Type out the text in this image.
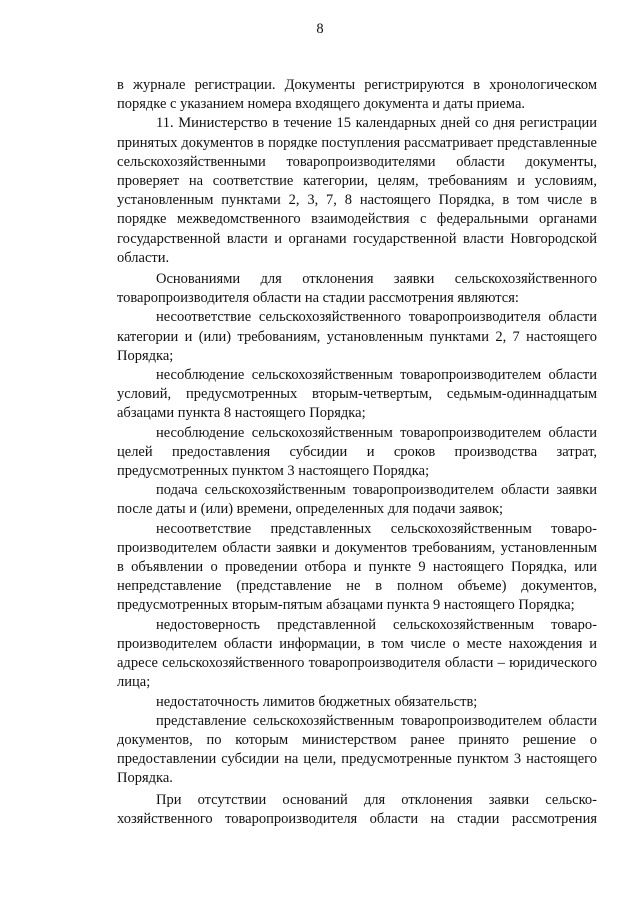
8

в журнале регистрации. Документы регистрируются в хронологическом порядке с указанием номера входящего документа и даты приема.

11. Министерство в течение 15 календарных дней со дня регистрации принятых документов в порядке поступления рассматривает представленные сельскохозяйственными товаропроизводителями области документы, проверяет на соответствие категории, целям, требованиям и условиям, установленным пунктами 2, 3, 7, 8 настоящего Порядка, в том числе в порядке межведомственного взаимодействия с федеральными органами государственной власти и органами государственной власти Новгородской области.

Основаниями для отклонения заявки сельскохозяйственного товаропроизводителя области на стадии рассмотрения являются:

несоответствие сельскохозяйственного товаропроизводителя области категории и (или) требованиям, установленным пунктами 2, 7 настоящего Порядка;

несоблюдение сельскохозяйственным товаропроизводителем области условий, предусмотренных вторым-четвертым, седьмым-одиннадцатым абзацами пункта 8 настоящего Порядка;

несоблюдение сельскохозяйственным товаропроизводителем области целей предоставления субсидии и сроков производства затрат, предусмотренных пунктом 3 настоящего Порядка;

подача сельскохозяйственным товаропроизводителем области заявки после даты и (или) времени, определенных для подачи заявок;

несоответствие представленных сельскохозяйственным товаро-производителем области заявки и документов требованиям, установленным в объявлении о проведении отбора и пункте 9 настоящего Порядка, или непредставление (представление не в полном объеме) документов, предусмотренных вторым-пятым абзацами пункта 9 настоящего Порядка;

недостоверность представленной сельскохозяйственным товаро-производителем области информации, в том числе о месте нахождения и адресе сельскохозяйственного товаропроизводителя области – юридического лица;

недостаточность лимитов бюджетных обязательств;

представление сельскохозяйственным товаропроизводителем области документов, по которым министерством ранее принято решение о предоставлении субсидии на цели, предусмотренные пунктом 3 настоящего Порядка.

При отсутствии оснований для отклонения заявки сельско-хозяйственного товаропроизводителя области на стадии рассмотрения
